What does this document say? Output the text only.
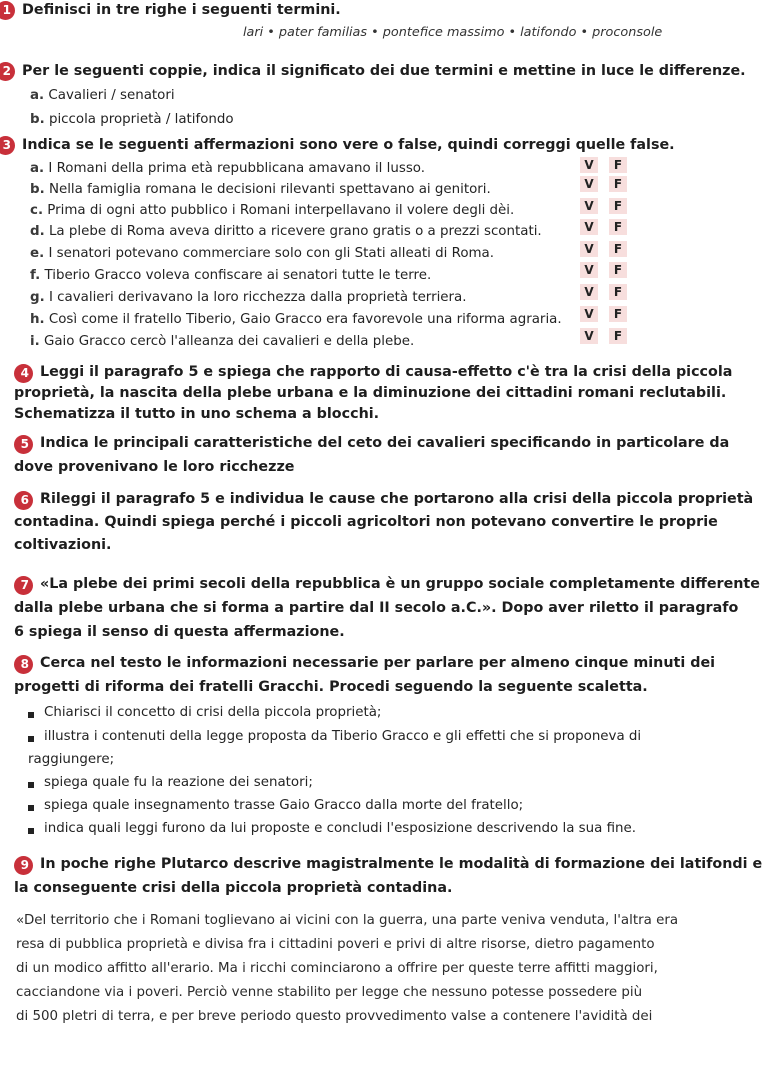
1 Definisci in tre righe i seguenti termini.
lari • pater familias • pontefice massimo • latifondo • proconsole
2 Per le seguenti coppie, indica il significato dei due termini e mettine in luce le differenze.
a. Cavalieri / senatori
b. piccola proprietà / latifondo
3 Indica se le seguenti affermazioni sono vere o false, quindi correggi quelle false.
a. I Romani della prima età repubblicana amavano il lusso.	V	F
b. Nella famiglia romana le decisioni rilevanti spettavano ai genitori.	V	F
c. Prima di ogni atto pubblico i Romani interpellavano il volere degli dèi.	V	F
d. La plebe di Roma aveva diritto a ricevere grano gratis o a prezzi scontati.	V	F
e. I senatori potevano commerciare solo con gli Stati alleati di Roma.	V	F
f. Tiberio Gracco voleva confiscare ai senatori tutte le terre.	V	F
g. I cavalieri derivavano la loro ricchezza dalla proprietà terriera.	V	F
h. Così come il fratello Tiberio, Gaio Gracco era favorevole una riforma agraria.	V	F
i. Gaio Gracco cercò l'alleanza dei cavalieri e della plebe.	V	F
4 Leggi il paragrafo 5 e spiega che rapporto di causa-effetto c'è tra la crisi della piccola
proprietà, la nascita della plebe urbana e la diminuzione dei cittadini romani reclutabili.
Schematizza il tutto in uno schema a blocchi.
5 Indica le principali caratteristiche del ceto dei cavalieri specificando in particolare da
dove provenivano le loro ricchezze
6 Rileggi il paragrafo 5 e individua le cause che portarono alla crisi della piccola proprietà
contadina. Quindi spiega perché i piccoli agricoltori non potevano convertire le proprie
coltivazioni.
7 «La plebe dei primi secoli della repubblica è un gruppo sociale completamente differente
dalla plebe urbana che si forma a partire dal II secolo a.C.». Dopo aver riletto il paragrafo
6 spiega il senso di questa affermazione.
8 Cerca nel testo le informazioni necessarie per parlare per almeno cinque minuti dei
progetti di riforma dei fratelli Gracchi. Procedi seguendo la seguente scaletta.
Chiarisci il concetto di crisi della piccola proprietà;
illustra i contenuti della legge proposta da Tiberio Gracco e gli effetti che si proponeva di
raggiungere;
spiega quale fu la reazione dei senatori;
spiega quale insegnamento trasse Gaio Gracco dalla morte del fratello;
indica quali leggi furono da lui proposte e concludi l'esposizione descrivendo la sua fine.
9 In poche righe Plutarco descrive magistralmente le modalità di formazione dei latifondi e
la conseguente crisi della piccola proprietà contadina.
«Del territorio che i Romani toglievano ai vicini con la guerra, una parte veniva venduta, l'altra era
resa di pubblica proprietà e divisa fra i cittadini poveri e privi di altre risorse, dietro pagamento
di un modico affitto all'erario. Ma i ricchi cominciarono a offrire per queste terre affitti maggiori,
cacciandone via i poveri. Perciò venne stabilito per legge che nessuno potesse possedere più
di 500 pletri di terra, e per breve periodo questo provvedimento valse a contenere l'avidità dei
